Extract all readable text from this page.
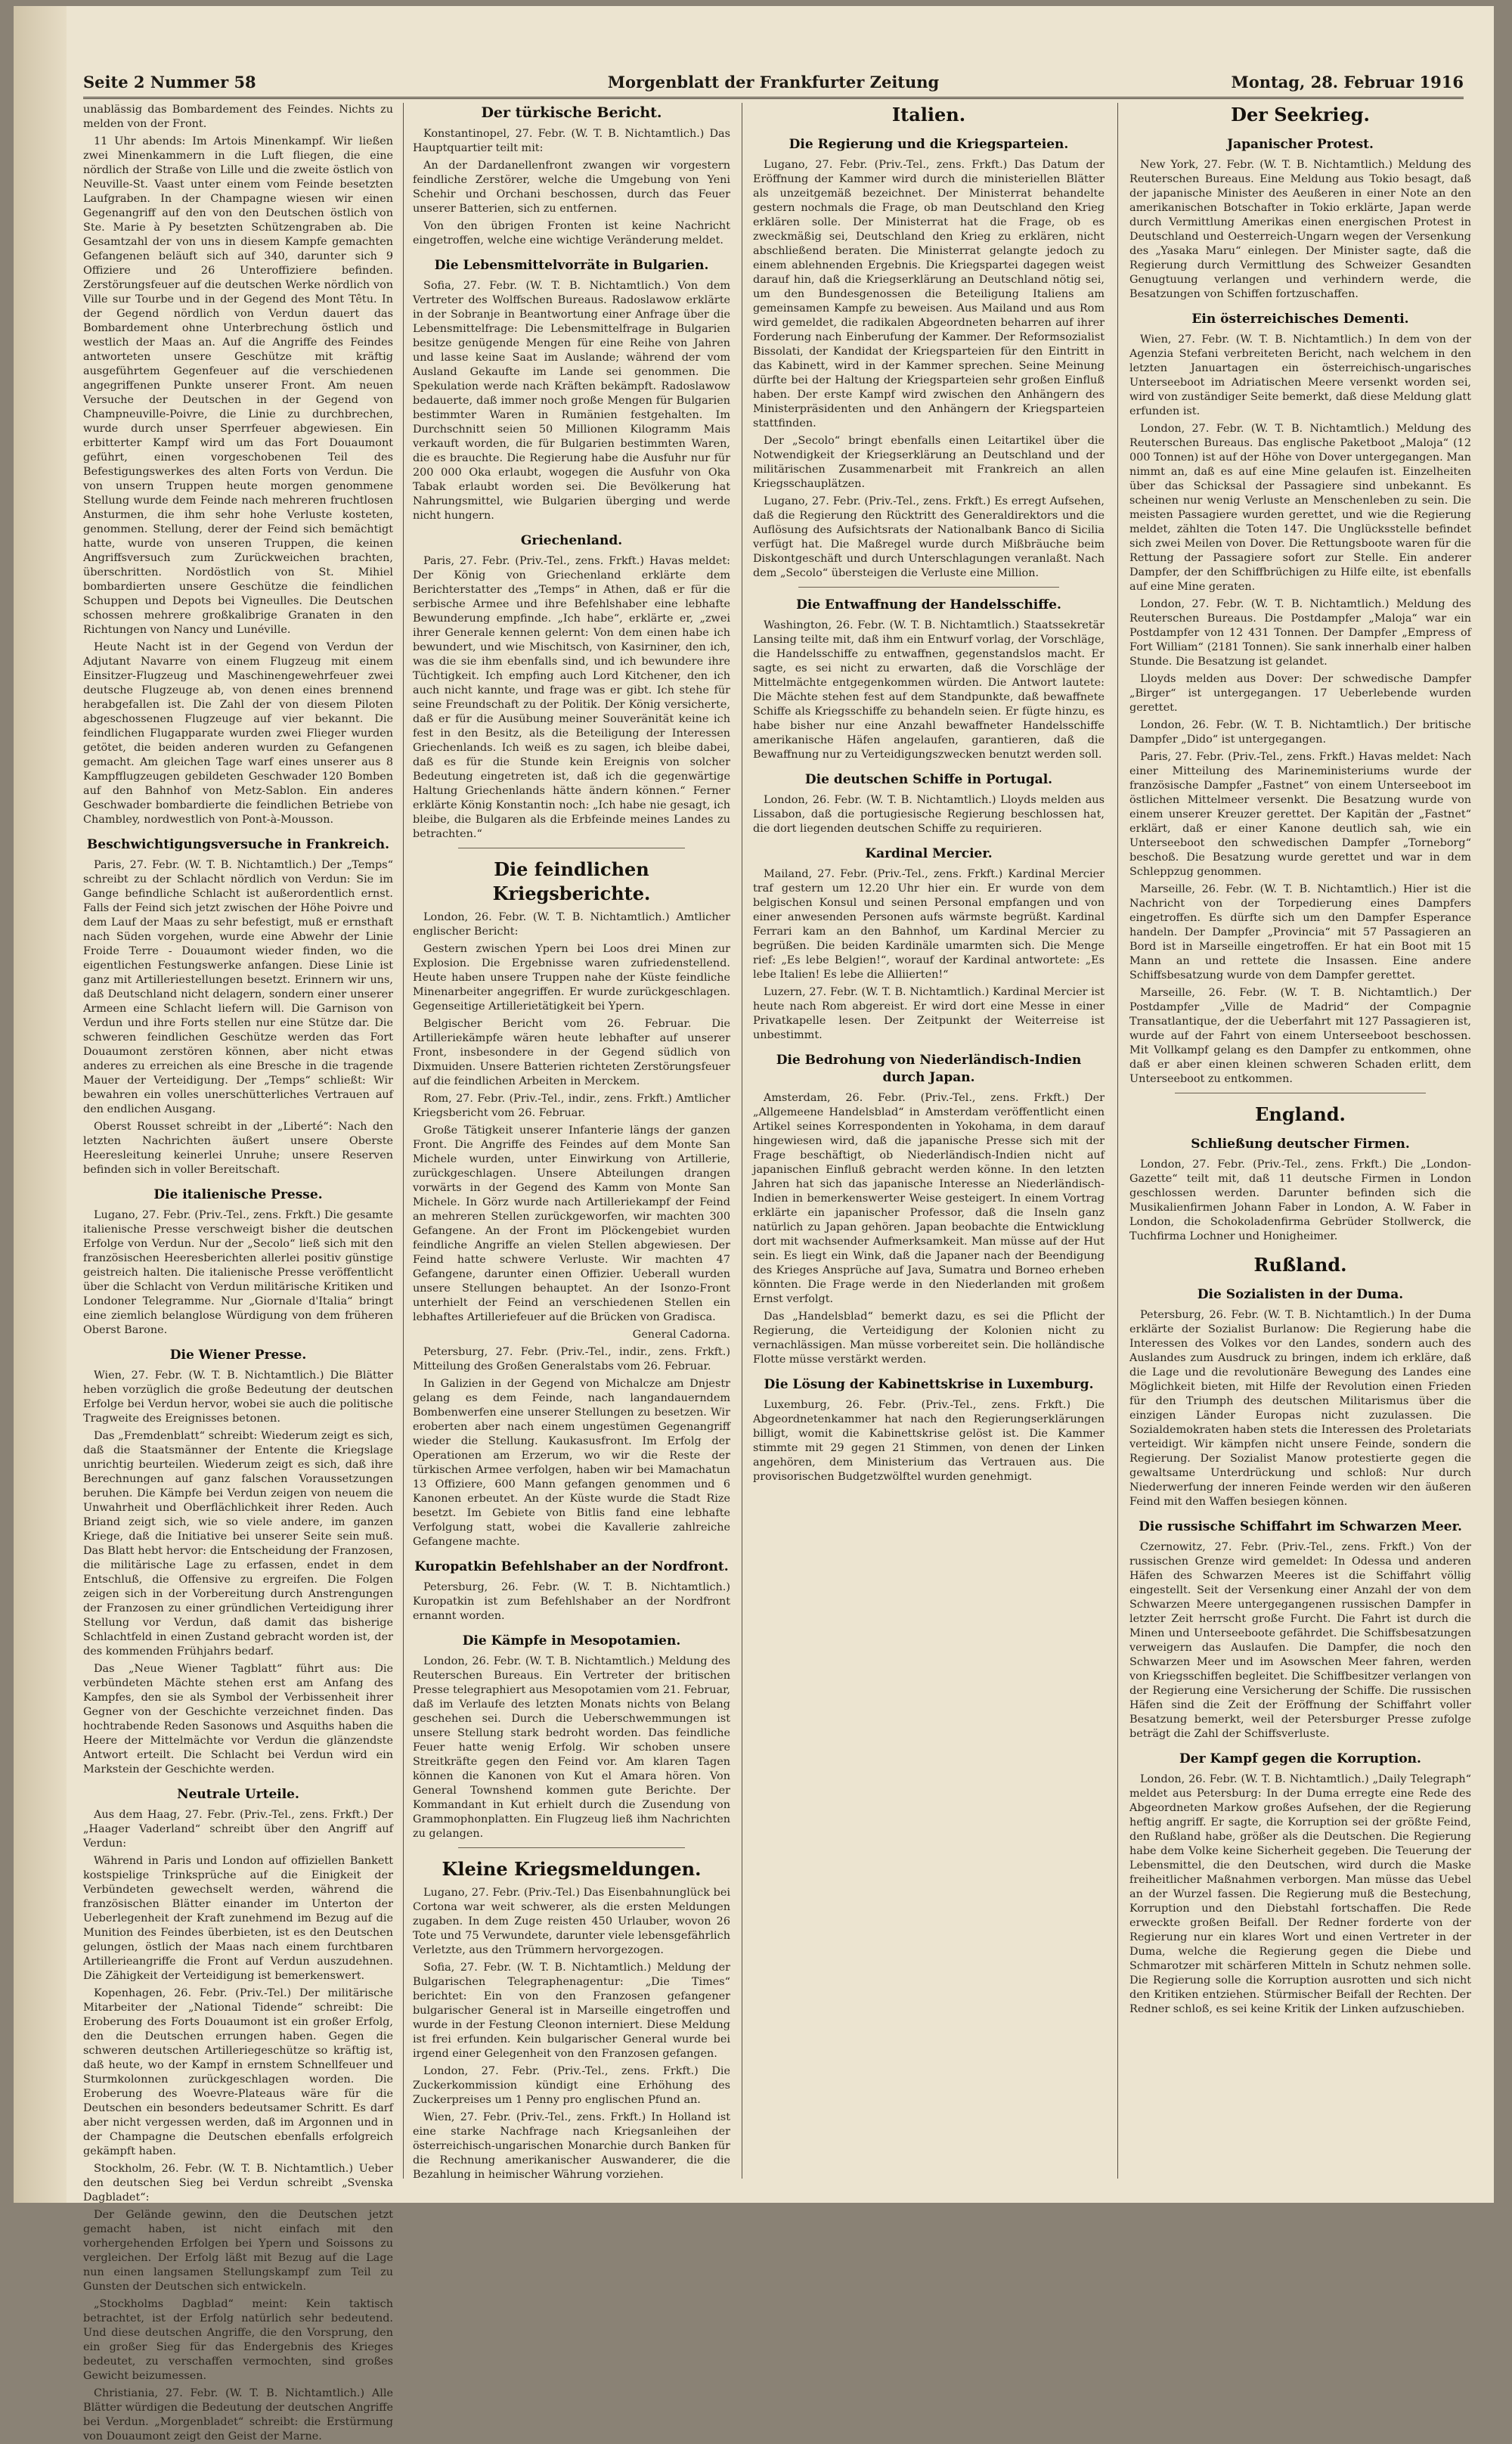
Seite 2 Nummer 58	Morgenblatt der Frankfurter Zeitung	Montag, 28. Februar 1916

unablässig das Bombardement des Feindes. Nichts zu melden von der Front.

11 Uhr abends: Im Artois Minenkampf. Wir ließen zwei Minenkammern in die Luft fliegen, die eine nördlich der Straße von Lille und die zweite östlich von Neuville-St. Vaast unter einem vom Feinde besetzten Laufgraben. In der Champagne wiesen wir einen Gegenangriff auf den von den Deutschen östlich von Ste. Marie à Py besetzten Schützengraben ab. Die Gesamtzahl der von uns in diesem Kampfe gemachten Gefangenen beläuft sich auf 340, darunter sich 9 Offiziere und 26 Unteroffiziere befinden. Zerstörungsfeuer auf die deutschen Werke nördlich von Ville sur Tourbe und in der Gegend des Mont Têtu. In der Gegend nördlich von Verdun dauert das Bombardement ohne Unterbrechung östlich und westlich der Maas an. Auf die Angriffe des Feindes antworteten unsere Geschütze mit kräftig ausgeführtem Gegenfeuer auf die verschiedenen angegriffenen Punkte unserer Front. Am neuen Versuche der Deutschen in der Gegend von Champneuville-Poivre, die Linie zu durchbrechen, wurde durch unser Sperrfeuer abgewiesen. Ein erbitterter Kampf wird um das Fort Douaumont geführt, einen vorgeschobenen Teil des Befestigungswerkes des alten Forts von Verdun. Die von unsern Truppen heute morgen genommene Stellung wurde dem Feinde nach mehreren fruchtlosen Ansturmen, die ihm sehr hohe Verluste kosteten, genommen. Stellung, derer der Feind sich bemächtigt hatte, wurde von unseren Truppen, die keinen Angriffsversuch zum Zurückweichen brachten, überschritten. Nordöstlich von St. Mihiel bombardierten unsere Geschütze die feindlichen Schuppen und Depots bei Vigneulles. Die Deutschen schossen mehrere großkalibrige Granaten in den Richtungen von Nancy und Lunéville.

Heute Nacht ist in der Gegend von Verdun der Adjutant Navarre von einem Flugzeug mit einem Einsitzer-Flugzeug und Maschinengewehrfeuer zwei deutsche Flugzeuge ab, von denen eines brennend herabgefallen ist. Die Zahl der von diesem Piloten abgeschossenen Flugzeuge auf vier bekannt. Die feindlichen Flugapparate wurden zwei Flieger wurden getötet, die beiden anderen wurden zu Gefangenen gemacht. Am gleichen Tage warf eines unserer aus 8 Kampfflugzeugen gebildeten Geschwader 120 Bomben auf den Bahnhof von Metz-Sablon. Ein anderes Geschwader bombardierte die feindlichen Betriebe von Chambley, nordwestlich von Pont-à-Mousson.

Beschwichtigungsversuche in Frankreich.

Paris, 27. Febr. (W. T. B. Nichtamtlich.) Der „Temps“ schreibt zu der Schlacht nördlich von Verdun: Sie im Gange befindliche Schlacht ist außerordentlich ernst. Falls der Feind sich jetzt zwischen der Höhe Poivre und dem Lauf der Maas zu sehr befestigt, muß er ernsthaft nach Süden vorgehen, wurde eine Abwehr der Linie Froide Terre - Douaumont wieder finden, wo die eigentlichen Festungswerke anfangen. Diese Linie ist ganz mit Artilleriestellungen besetzt. Erinnern wir uns, daß Deutschland nicht delagern, sondern einer unserer Armeen eine Schlacht liefern will. Die Garnison von Verdun und ihre Forts stellen nur eine Stütze dar. Die schweren feindlichen Geschütze werden das Fort Douaumont zerstören können, aber nicht etwas anderes zu erreichen als eine Bresche in die tragende Mauer der Verteidigung. Der „Temps“ schließt: Wir bewahren ein volles unerschütterliches Vertrauen auf den endlichen Ausgang.

Oberst Rousset schreibt in der „Liberté“: Nach den letzten Nachrichten äußert unsere Oberste Heeresleitung keinerlei Unruhe; unsere Reserven befinden sich in voller Bereitschaft.

Die italienische Presse.

Lugano, 27. Febr. (Priv.-Tel., zens. Frkft.) Die gesamte italienische Presse verschweigt bisher die deutschen Erfolge von Verdun. Nur der „Secolo“ ließ sich mit den französischen Heeresberichten allerlei positiv günstige geistreich halten. Die italienische Presse veröffentlicht über die Schlacht von Verdun militärische Kritiken und Londoner Telegramme. Nur „Giornale d'Italia“ bringt eine ziemlich belanglose Würdigung von dem früheren Oberst Barone.

Die Wiener Presse.

Wien, 27. Febr. (W. T. B. Nichtamtlich.) Die Blätter heben vorzüglich die große Bedeutung der deutschen Erfolge bei Verdun hervor, wobei sie auch die politische Tragweite des Ereignisses betonen.

Das „Fremdenblatt“ schreibt: Wiederum zeigt es sich, daß die Staatsmänner der Entente die Kriegslage unrichtig beurteilen. Wiederum zeigt es sich, daß ihre Berechnungen auf ganz falschen Voraussetzungen beruhen. Die Kämpfe bei Verdun zeigen von neuem die Unwahrheit und Oberflächlichkeit ihrer Reden. Auch Briand zeigt sich, wie so viele andere, im ganzen Kriege, daß die Initiative bei unserer Seite sein muß. Das Blatt hebt hervor: die Entscheidung der Franzosen, die militärische Lage zu erfassen, endet in dem Entschluß, die Offensive zu ergreifen. Die Folgen zeigen sich in der Vorbereitung durch Anstrengungen der Franzosen zu einer gründlichen Verteidigung ihrer Stellung vor Verdun, daß damit das bisherige Schlachtfeld in einen Zustand gebracht worden ist, der des kommenden Frühjahrs bedarf.

Das „Neue Wiener Tagblatt“ führt aus: Die verbündeten Mächte stehen erst am Anfang des Kampfes, den sie als Symbol der Verbissenheit ihrer Gegner von der Geschichte verzeichnet finden. Das hochtrabende Reden Sasonows und Asquiths haben die Heere der Mittelmächte vor Verdun die glänzendste Antwort erteilt. Die Schlacht bei Verdun wird ein Markstein der Geschichte werden.

Neutrale Urteile.

Aus dem Haag, 27. Febr. (Priv.-Tel., zens. Frkft.) Der „Haager Vaderland“ schreibt über den Angriff auf Verdun:

Während in Paris und London auf offiziellen Bankett kostspielige Trinksprüche auf die Einigkeit der Verbündeten gewechselt werden, während die französischen Blätter einander im Unterton der Ueberlegenheit der Kraft zunehmend im Bezug auf die Munition des Feindes überbieten, ist es den Deutschen gelungen, östlich der Maas nach einem furchtbaren Artillerieangriffe die Front auf Verdun auszudehnen. Die Zähigkeit der Verteidigung ist bemerkenswert.

Kopenhagen, 26. Febr. (Priv.-Tel.) Der militärische Mitarbeiter der „National Tidende“ schreibt: Die Eroberung des Forts Douaumont ist ein großer Erfolg, den die Deutschen errungen haben. Gegen die schweren deutschen Artilleriegeschütze so kräftig ist, daß heute, wo der Kampf in ernstem Schnellfeuer und Sturmkolonnen zurückgeschlagen worden. Die Eroberung des Woevre-Plateaus wäre für die Deutschen ein besonders bedeutsamer Schritt. Es darf aber nicht vergessen werden, daß im Argonnen und in der Champagne die Deutschen ebenfalls erfolgreich gekämpft haben.

Stockholm, 26. Febr. (W. T. B. Nichtamtlich.) Ueber den deutschen Sieg bei Verdun schreibt „Svenska Dagbladet“:

Der Gelände gewinn, den die Deutschen jetzt gemacht haben, ist nicht einfach mit den vorhergehenden Erfolgen bei Ypern und Soissons zu vergleichen. Der Erfolg läßt mit Bezug auf die Lage nun einen langsamen Stellungskampf zum Teil zu Gunsten der Deutschen sich entwickeln.

„Stockholms Dagblad“ meint: Kein taktisch betrachtet, ist der Erfolg natürlich sehr bedeutend. Und diese deutschen Angriffe, die den Vorsprung, den ein großer Sieg für das Endergebnis des Krieges bedeutet, zu verschaffen vermochten, sind großes Gewicht beizumessen.

Christiania, 27. Febr. (W. T. B. Nichtamtlich.) Alle Blätter würdigen die Bedeutung der deutschen Angriffe bei Verdun. „Morgenbladet“ schreibt: die Erstürmung von Douaumont zeigt den Geist der Marne.

Der türkische Bericht.

Konstantinopel, 27. Febr. (W. T. B. Nichtamtlich.) Das Hauptquartier teilt mit:

An der Dardanellenfront zwangen wir vorgestern feindliche Zerstörer, welche die Umgebung von Yeni Schehir und Orchani beschossen, durch das Feuer unserer Batterien, sich zu entfernen.

Von den übrigen Fronten ist keine Nachricht eingetroffen, welche eine wichtige Veränderung meldet.

Die Lebensmittelvorräte in Bulgarien.

Sofia, 27. Febr. (W. T. B. Nichtamtlich.) Von dem Vertreter des Wolffschen Bureaus. Radoslawow erklärte in der Sobranje in Beantwortung einer Anfrage über die Lebensmittelfrage: Die Lebensmittelfrage in Bulgarien besitze genügende Mengen für eine Reihe von Jahren und lasse keine Saat im Auslande; während der vom Ausland Gekaufte im Lande sei genommen. Die Spekulation werde nach Kräften bekämpft. Radoslawow bedauerte, daß immer noch große Mengen für Bulgarien bestimmter Waren in Rumänien festgehalten. Im Durchschnitt seien 50 Millionen Kilogramm Mais verkauft worden, die für Bulgarien bestimmten Waren, die es brauchte. Die Regierung habe die Ausfuhr nur für 200 000 Oka erlaubt, wogegen die Ausfuhr von Oka Tabak erlaubt worden sei. Die Bevölkerung hat Nahrungsmittel, wie Bulgarien überging und werde nicht hungern.

Griechenland.

Paris, 27. Febr. (Priv.-Tel., zens. Frkft.) Havas meldet: Der König von Griechenland erklärte dem Berichterstatter des „Temps“ in Athen, daß er für die serbische Armee und ihre Befehlshaber eine lebhafte Bewunderung empfinde. „Ich habe“, erklärte er, „zwei ihrer Generale kennen gelernt: Von dem einen habe ich bewundert, und wie Mischitsch, von Kasirniner, den ich, was die sie ihm ebenfalls sind, und ich bewundere ihre Tüchtigkeit. Ich empfing auch Lord Kitchener, den ich auch nicht kannte, und frage was er gibt. Ich stehe für seine Freundschaft zu der Politik. Der König versicherte, daß er für die Ausübung meiner Souveränität keine ich fest in den Besitz, als die Beteiligung der Interessen Griechenlands. Ich weiß es zu sagen, ich bleibe dabei, daß es für die Stunde kein Ereignis von solcher Bedeutung eingetreten ist, daß ich die gegenwärtige Haltung Griechenlands hätte ändern können.“ Ferner erklärte König Konstantin noch: „Ich habe nie gesagt, ich bleibe, die Bulgaren als die Erbfeinde meines Landes zu betrachten.“

Die feindlichen Kriegsberichte.

London, 26. Febr. (W. T. B. Nichtamtlich.) Amtlicher englischer Bericht:

Gestern zwischen Ypern bei Loos drei Minen zur Explosion. Die Ergebnisse waren zufriedenstellend. Heute haben unsere Truppen nahe der Küste feindliche Minenarbeiter angegriffen. Er wurde zurückgeschlagen. Gegenseitige Artillerietätigkeit bei Ypern.

Belgischer Bericht vom 26. Februar. Die Artilleriekämpfe wären heute lebhafter auf unserer Front, insbesondere in der Gegend südlich von Dixmuiden. Unsere Batterien richteten Zerstörungsfeuer auf die feindlichen Arbeiten in Merckem.

Rom, 27. Febr. (Priv.-Tel., indir., zens. Frkft.) Amtlicher Kriegsbericht vom 26. Februar.

Große Tätigkeit unserer Infanterie längs der ganzen Front. Die Angriffe des Feindes auf dem Monte San Michele wurden, unter Einwirkung von Artillerie, zurückgeschlagen. Unsere Abteilungen drangen vorwärts in der Gegend des Kamm von Monte San Michele. In Görz wurde nach Artilleriekampf der Feind an mehreren Stellen zurückgeworfen, wir machten 300 Gefangene. An der Front im Plöckengebiet wurden feindliche Angriffe an vielen Stellen abgewiesen. Der Feind hatte schwere Verluste. Wir machten 47 Gefangene, darunter einen Offizier. Ueberall wurden unsere Stellungen behauptet. An der Isonzo-Front unterhielt der Feind an verschiedenen Stellen ein lebhaftes Artilleriefeuer auf die Brücken von Gradisca.

General Cadorna.

Petersburg, 27. Febr. (Priv.-Tel., indir., zens. Frkft.) Mitteilung des Großen Generalstabs vom 26. Februar.

In Galizien in der Gegend von Michalcze am Dnjestr gelang es dem Feinde, nach langandauerndem Bombenwerfen eine unserer Stellungen zu besetzen. Wir eroberten aber nach einem ungestümen Gegenangriff wieder die Stellung. Kaukasusfront. Im Erfolg der Operationen am Erzerum, wo wir die Reste der türkischen Armee verfolgen, haben wir bei Mamachatun 13 Offiziere, 600 Mann gefangen genommen und 6 Kanonen erbeutet. An der Küste wurde die Stadt Rize besetzt. Im Gebiete von Bitlis fand eine lebhafte Verfolgung statt, wobei die Kavallerie zahlreiche Gefangene machte.

Kuropatkin Befehlshaber an der Nordfront.

Petersburg, 26. Febr. (W. T. B. Nichtamtlich.) Kuropatkin ist zum Befehlshaber an der Nordfront ernannt worden.

Die Kämpfe in Mesopotamien.

London, 26. Febr. (W. T. B. Nichtamtlich.) Meldung des Reuterschen Bureaus. Ein Vertreter der britischen Presse telegraphiert aus Mesopotamien vom 21. Februar, daß im Verlaufe des letzten Monats nichts von Belang geschehen sei. Durch die Ueberschwemmungen ist unsere Stellung stark bedroht worden. Das feindliche Feuer hatte wenig Erfolg. Wir schoben unsere Streitkräfte gegen den Feind vor. Am klaren Tagen können die Kanonen von Kut el Amara hören. Von General Townshend kommen gute Berichte. Der Kommandant in Kut erhielt durch die Zusendung von Grammophonplatten. Ein Flugzeug ließ ihm Nachrichten zu gelangen.

Kleine Kriegsmeldungen.

Lugano, 27. Febr. (Priv.-Tel.) Das Eisenbahnunglück bei Cortona war weit schwerer, als die ersten Meldungen zugaben. In dem Zuge reisten 450 Urlauber, wovon 26 Tote und 75 Verwundete, darunter viele lebensgefährlich Verletzte, aus den Trümmern hervorgezogen.

Sofia, 27. Febr. (W. T. B. Nichtamtlich.) Meldung der Bulgarischen Telegraphenagentur: „Die Times“ berichtet: Ein von den Franzosen gefangener bulgarischer General ist in Marseille eingetroffen und wurde in der Festung Cleonon interniert. Diese Meldung ist frei erfunden. Kein bulgarischer General wurde bei irgend einer Gelegenheit von den Franzosen gefangen.

London, 27. Febr. (Priv.-Tel., zens. Frkft.) Die Zuckerkommission kündigt eine Erhöhung des Zuckerpreises um 1 Penny pro englischen Pfund an.

Wien, 27. Febr. (Priv.-Tel., zens. Frkft.) In Holland ist eine starke Nachfrage nach Kriegsanleihen der österreichisch-ungarischen Monarchie durch Banken für die Rechnung amerikanischer Auswanderer, die die Bezahlung in heimischer Währung vorziehen.

Italien.
Die Regierung und die Kriegsparteien.

Lugano, 27. Febr. (Priv.-Tel., zens. Frkft.) Das Datum der Eröffnung der Kammer wird durch die ministeriellen Blätter als unzeitgemäß bezeichnet. Der Ministerrat behandelte gestern nochmals die Frage, ob man Deutschland den Krieg erklären solle. Der Ministerrat hat die Frage, ob es zweckmäßig sei, Deutschland den Krieg zu erklären, nicht abschließend beraten. Die Ministerrat gelangte jedoch zu einem ablehnenden Ergebnis. Die Kriegspartei dagegen weist darauf hin, daß die Kriegserklärung an Deutschland nötig sei, um den Bundesgenossen die Beteiligung Italiens am gemeinsamen Kampfe zu beweisen. Aus Mailand und aus Rom wird gemeldet, die radikalen Abgeordneten beharren auf ihrer Forderung nach Einberufung der Kammer. Der Reformsozialist Bissolati, der Kandidat der Kriegsparteien für den Eintritt in das Kabinett, wird in der Kammer sprechen. Seine Meinung dürfte bei der Haltung der Kriegsparteien sehr großen Einfluß haben. Der erste Kampf wird zwischen den Anhängern des Ministerpräsidenten und den Anhängern der Kriegsparteien stattfinden.

Der „Secolo“ bringt ebenfalls einen Leitartikel über die Notwendigkeit der Kriegserklärung an Deutschland und der militärischen Zusammenarbeit mit Frankreich an allen Kriegsschauplätzen.

Lugano, 27. Febr. (Priv.-Tel., zens. Frkft.) Es erregt Aufsehen, daß die Regierung den Rücktritt des Generaldirektors und die Auflösung des Aufsichtsrats der Nationalbank Banco di Sicilia verfügt hat. Die Maßregel wurde durch Mißbräuche beim Diskontgeschäft und durch Unterschlagungen veranlaßt. Nach dem „Secolo“ übersteigen die Verluste eine Million.

Die Entwaffnung der Handelsschiffe.

Washington, 26. Febr. (W. T. B. Nichtamtlich.) Staatssekretär Lansing teilte mit, daß ihm ein Entwurf vorlag, der Vorschläge, die Handelsschiffe zu entwaffnen, gegenstandslos macht. Er sagte, es sei nicht zu erwarten, daß die Vorschläge der Mittelmächte entgegenkommen würden. Die Antwort lautete: Die Mächte stehen fest auf dem Standpunkte, daß bewaffnete Schiffe als Kriegsschiffe zu behandeln seien. Er fügte hinzu, es habe bisher nur eine Anzahl bewaffneter Handelsschiffe amerikanische Häfen angelaufen, garantieren, daß die Bewaffnung nur zu Verteidigungszwecken benutzt werden soll.

Die deutschen Schiffe in Portugal.

London, 26. Febr. (W. T. B. Nichtamtlich.) Lloyds melden aus Lissabon, daß die portugiesische Regierung beschlossen hat, die dort liegenden deutschen Schiffe zu requirieren.

Kardinal Mercier.

Mailand, 27. Febr. (Priv.-Tel., zens. Frkft.) Kardinal Mercier traf gestern um 12.20 Uhr hier ein. Er wurde von dem belgischen Konsul und seinen Personal empfangen und von einer anwesenden Personen aufs wärmste begrüßt. Kardinal Ferrari kam an den Bahnhof, um Kardinal Mercier zu begrüßen. Die beiden Kardinäle umarmten sich. Die Menge rief: „Es lebe Belgien!“, worauf der Kardinal antwortete: „Es lebe Italien! Es lebe die Alliierten!“

Luzern, 27. Febr. (W. T. B. Nichtamtlich.) Kardinal Mercier ist heute nach Rom abgereist. Er wird dort eine Messe in einer Privatkapelle lesen. Der Zeitpunkt der Weiterreise ist unbestimmt.

Die Bedrohung von Niederländisch-Indien durch Japan.

Amsterdam, 26. Febr. (Priv.-Tel., zens. Frkft.) Der „Allgemeene Handelsblad“ in Amsterdam veröffentlicht einen Artikel seines Korrespondenten in Yokohama, in dem darauf hingewiesen wird, daß die japanische Presse sich mit der Frage beschäftigt, ob Niederländisch-Indien nicht auf japanischen Einfluß gebracht werden könne. In den letzten Jahren hat sich das japanische Interesse an Niederländisch-Indien in bemerkenswerter Weise gesteigert. In einem Vortrag erklärte ein japanischer Professor, daß die Inseln ganz natürlich zu Japan gehören. Japan beobachte die Entwicklung dort mit wachsender Aufmerksamkeit. Man müsse auf der Hut sein. Es liegt ein Wink, daß die Japaner nach der Beendigung des Krieges Ansprüche auf Java, Sumatra und Borneo erheben könnten. Die Frage werde in den Niederlanden mit großem Ernst verfolgt.

Das „Handelsblad“ bemerkt dazu, es sei die Pflicht der Regierung, die Verteidigung der Kolonien nicht zu vernachlässigen. Man müsse vorbereitet sein. Die holländische Flotte müsse verstärkt werden.

Die Lösung der Kabinettskrise in Luxemburg.

Luxemburg, 26. Febr. (Priv.-Tel., zens. Frkft.) Die Abgeordnetenkammer hat nach den Regierungserklärungen billigt, womit die Kabinettskrise gelöst ist. Die Kammer stimmte mit 29 gegen 21 Stimmen, von denen der Linken angehören, dem Ministerium das Vertrauen aus. Die provisorischen Budgetzwölftel wurden genehmigt.

Der Seekrieg.
Japanischer Protest.

New York, 27. Febr. (W. T. B. Nichtamtlich.) Meldung des Reuterschen Bureaus. Eine Meldung aus Tokio besagt, daß der japanische Minister des Aeußeren in einer Note an den amerikanischen Botschafter in Tokio erklärte, Japan werde durch Vermittlung Amerikas einen energischen Protest in Deutschland und Oesterreich-Ungarn wegen der Versenkung des „Yasaka Maru“ einlegen. Der Minister sagte, daß die Regierung durch Vermittlung des Schweizer Gesandten Genugtuung verlangen und verhindern werde, die Besatzungen von Schiffen fortzuschaffen.

Ein österreichisches Dementi.

Wien, 27. Febr. (W. T. B. Nichtamtlich.) In dem von der Agenzia Stefani verbreiteten Bericht, nach welchem in den letzten Januartagen ein österreichisch-ungarisches Unterseeboot im Adriatischen Meere versenkt worden sei, wird von zuständiger Seite bemerkt, daß diese Meldung glatt erfunden ist.

London, 27. Febr. (W. T. B. Nichtamtlich.) Meldung des Reuterschen Bureaus. Das englische Paketboot „Maloja“ (12 000 Tonnen) ist auf der Höhe von Dover untergegangen. Man nimmt an, daß es auf eine Mine gelaufen ist. Einzelheiten über das Schicksal der Passagiere sind unbekannt. Es scheinen nur wenig Verluste an Menschenleben zu sein. Die meisten Passagiere wurden gerettet, und wie die Regierung meldet, zählten die Toten 147. Die Unglücksstelle befindet sich zwei Meilen von Dover. Die Rettungsboote waren für die Rettung der Passagiere sofort zur Stelle. Ein anderer Dampfer, der den Schiffbrüchigen zu Hilfe eilte, ist ebenfalls auf eine Mine geraten.

London, 27. Febr. (W. T. B. Nichtamtlich.) Meldung des Reuterschen Bureaus. Die Postdampfer „Maloja“ war ein Postdampfer von 12 431 Tonnen. Der Dampfer „Empress of Fort William“ (2181 Tonnen). Sie sank innerhalb einer halben Stunde. Die Besatzung ist gelandet.

Lloyds melden aus Dover: Der schwedische Dampfer „Birger“ ist untergegangen. 17 Ueberlebende wurden gerettet.

London, 26. Febr. (W. T. B. Nichtamtlich.) Der britische Dampfer „Dido“ ist untergegangen.

Paris, 27. Febr. (Priv.-Tel., zens. Frkft.) Havas meldet: Nach einer Mitteilung des Marineministeriums wurde der französische Dampfer „Fastnet“ von einem Unterseeboot im östlichen Mittelmeer versenkt. Die Besatzung wurde von einem unserer Kreuzer gerettet. Der Kapitän der „Fastnet“ erklärt, daß er einer Kanone deutlich sah, wie ein Unterseeboot den schwedischen Dampfer „Torneborg“ beschoß. Die Besatzung wurde gerettet und war in dem Schleppzug genommen.

Marseille, 26. Febr. (W. T. B. Nichtamtlich.) Hier ist die Nachricht von der Torpedierung eines Dampfers eingetroffen. Es dürfte sich um den Dampfer Esperance handeln. Der Dampfer „Provincia“ mit 57 Passagieren an Bord ist in Marseille eingetroffen. Er hat ein Boot mit 15 Mann an und rettete die Insassen. Eine andere Schiffsbesatzung wurde von dem Dampfer gerettet.

Marseille, 26. Febr. (W. T. B. Nichtamtlich.) Der Postdampfer „Ville de Madrid“ der Compagnie Transatlantique, der die Ueberfahrt mit 127 Passagieren ist, wurde auf der Fahrt von einem Unterseeboot beschossen. Mit Vollkampf gelang es den Dampfer zu entkommen, ohne daß er aber einen kleinen schweren Schaden erlitt, dem Unterseeboot zu entkommen.

England.
Schließung deutscher Firmen.

London, 27. Febr. (Priv.-Tel., zens. Frkft.) Die „London-Gazette“ teilt mit, daß 11 deutsche Firmen in London geschlossen werden. Darunter befinden sich die Musikalienfirmen Johann Faber in London, A. W. Faber in London, die Schokoladenfirma Gebrüder Stollwerck, die Tuchfirma Lochner und Honigheimer.

Rußland.
Die Sozialisten in der Duma.

Petersburg, 26. Febr. (W. T. B. Nichtamtlich.) In der Duma erklärte der Sozialist Burlanow: Die Regierung habe die Interessen des Volkes vor den Landes, sondern auch des Auslandes zum Ausdruck zu bringen, indem ich erkläre, daß die Lage und die revolutionäre Bewegung des Landes eine Möglichkeit bieten, mit Hilfe der Revolution einen Frieden für den Triumph des deutschen Militarismus über die einzigen Länder Europas nicht zuzulassen. Die Sozialdemokraten haben stets die Interessen des Proletariats verteidigt. Wir kämpfen nicht unsere Feinde, sondern die Regierung. Der Sozialist Manow protestierte gegen die gewaltsame Unterdrückung und schloß: Nur durch Niederwerfung der inneren Feinde werden wir den äußeren Feind mit den Waffen besiegen können.

Die russische Schiffahrt im Schwarzen Meer.

Czernowitz, 27. Febr. (Priv.-Tel., zens. Frkft.) Von der russischen Grenze wird gemeldet: In Odessa und anderen Häfen des Schwarzen Meeres ist die Schiffahrt völlig eingestellt. Seit der Versenkung einer Anzahl der von dem Schwarzen Meere untergegangenen russischen Dampfer in letzter Zeit herrscht große Furcht. Die Fahrt ist durch die Minen und Unterseeboote gefährdet. Die Schiffsbesatzungen verweigern das Auslaufen. Die Dampfer, die noch den Schwarzen Meer und im Asowschen Meer fahren, werden von Kriegsschiffen begleitet. Die Schiffbesitzer verlangen von der Regierung eine Versicherung der Schiffe. Die russischen Häfen sind die Zeit der Eröffnung der Schiffahrt voller Besatzung bemerkt, weil der Petersburger Presse zufolge beträgt die Zahl der Schiffsverluste.

Der Kampf gegen die Korruption.

London, 26. Febr. (W. T. B. Nichtamtlich.) „Daily Telegraph“ meldet aus Petersburg: In der Duma erregte eine Rede des Abgeordneten Markow großes Aufsehen, der die Regierung heftig angriff. Er sagte, die Korruption sei der größte Feind, den Rußland habe, größer als die Deutschen. Die Regierung habe dem Volke keine Sicherheit gegeben. Die Teuerung der Lebensmittel, die den Deutschen, wird durch die Maske freiheitlicher Maßnahmen verborgen. Man müsse das Uebel an der Wurzel fassen. Die Regierung muß die Bestechung, Korruption und den Diebstahl fortschaffen. Die Rede erweckte großen Beifall. Der Redner forderte von der Regierung nur ein klares Wort und einen Vertreter in der Duma, welche die Regierung gegen die Diebe und Schmarotzer mit schärferen Mitteln in Schutz nehmen solle. Die Regierung solle die Korruption ausrotten und sich nicht den Kritiken entziehen. Stürmischer Beifall der Rechten. Der Redner schloß, es sei keine Kritik der Linken aufzuschieben.
